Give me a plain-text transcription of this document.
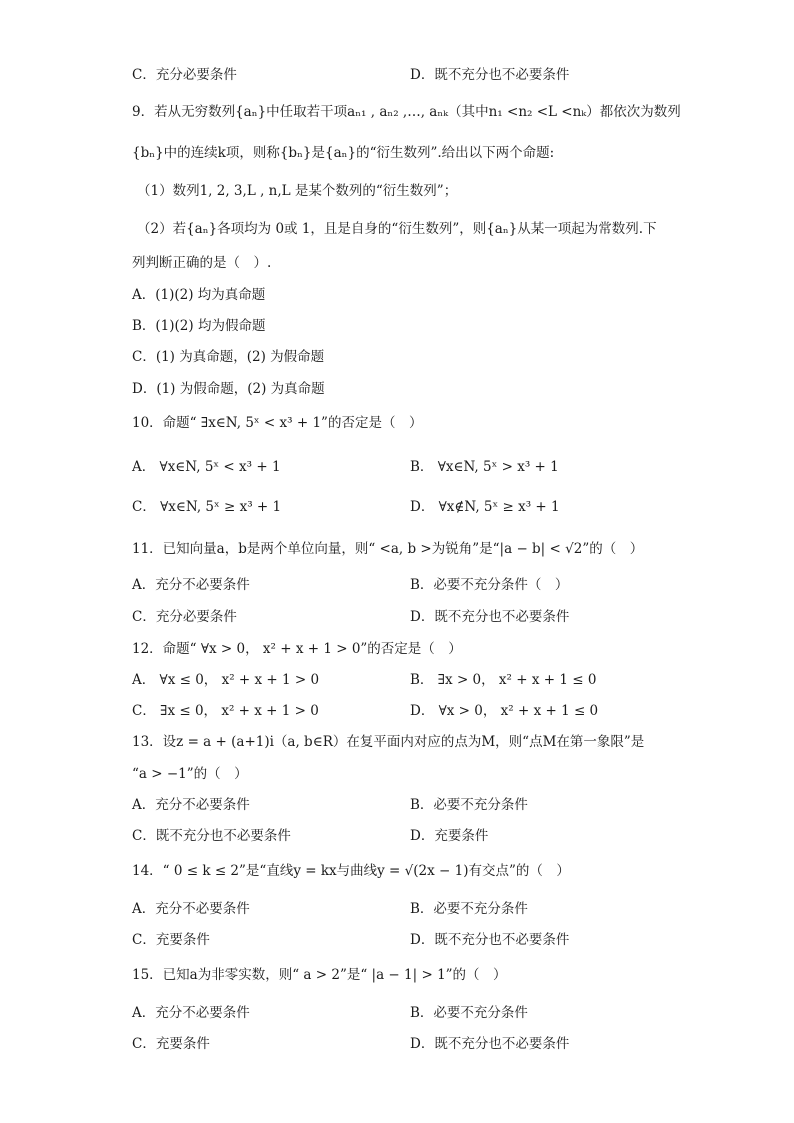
C．充分必要条件	D．既不充分也不必要条件
9．若从无穷数列{aₙ}中任取若干项aₙ₁ , aₙ₂ ,…, aₙₖ（其中n₁ <n₂ <L <nₖ）都依次为数列
{bₙ}中的连续k项，则称{bₙ}是{aₙ}的“衍生数列”.给出以下两个命题:
（1）数列1, 2, 3,L , n,L 是某个数列的“衍生数列”；
（2）若{aₙ}各项均为 0或 1，且是自身的“衍生数列”，则{aₙ}从某一项起为常数列.下
列判断正确的是（　）.
A．(1)(2) 均为真命题
B．(1)(2) 均为假命题
C．(1) 为真命题，(2) 为假命题
D．(1) 为假命题，(2) 为真命题
10．命题“ ∃x∈N, 5ˣ < x³ + 1”的否定是（　）
A． ∀x∈N, 5ˣ < x³ + 1	B． ∀x∈N, 5ˣ > x³ + 1
C． ∀x∈N, 5ˣ ≥ x³ + 1	D． ∀x∉N, 5ˣ ≥ x³ + 1
11．已知向量a，b是两个单位向量，则“ <a, b >为锐角”是“|a − b| < √2”的（　）
A．充分不必要条件	B．必要不充分条件（　）
C．充分必要条件	D．既不充分也不必要条件
12．命题“ ∀x > 0， x² + x + 1 > 0”的否定是（　）
A． ∀x ≤ 0， x² + x + 1 > 0	B． ∃x > 0， x² + x + 1 ≤ 0
C． ∃x ≤ 0， x² + x + 1 > 0	D． ∀x > 0， x² + x + 1 ≤ 0
13．设z = a + (a+1)i（a, b∈R）在复平面内对应的点为M，则“点M在第一象限”是
“a > −1”的（　）
A．充分不必要条件	B．必要不充分条件
C．既不充分也不必要条件	D．充要条件
14．“ 0 ≤ k ≤ 2”是“直线y = kx与曲线y = √(2x − 1)有交点”的（　）
A．充分不必要条件	B．必要不充分条件
C．充要条件	D．既不充分也不必要条件
15．已知a为非零实数，则“ a > 2”是“ |a − 1| > 1”的（　）
A．充分不必要条件	B．必要不充分条件
C．充要条件	D．既不充分也不必要条件
